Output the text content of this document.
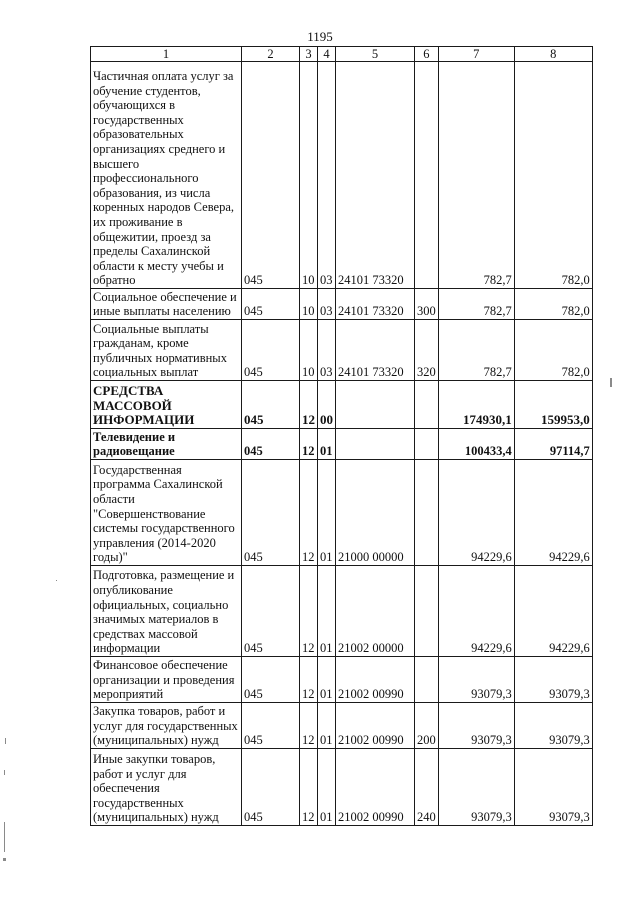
1195
1	2	3	4	5	6	7	8
Частичная оплата услуг за обучение студентов, обучающихся в государственных образовательных организациях среднего и высшего профессионального образования, из числа коренных народов Севера, их проживание в общежитии, проезд за пределы Сахалинской области к месту учебы и обратно	045	10	03	24101 73320		782,7	782,0
Социальное обеспечение и иные выплаты населению	045	10	03	24101 73320	300	782,7	782,0
Социальные выплаты гражданам, кроме публичных нормативных социальных выплат	045	10	03	24101 73320	320	782,7	782,0
СРЕДСТВА МАССОВОЙ ИНФОРМАЦИИ	045	12	00			174930,1	159953,0
Телевидение и радиовещание	045	12	01			100433,4	97114,7
Государственная программа Сахалинской области "Совершенствование системы государственного управления (2014-2020 годы)"	045	12	01	21000 00000		94229,6	94229,6
Подготовка, размещение и опубликование официальных, социально значимых материалов в средствах массовой информации	045	12	01	21002 00000		94229,6	94229,6
Финансовое обеспечение организации и проведения мероприятий	045	12	01	21002 00990		93079,3	93079,3
Закупка товаров, работ и услуг для государственных (муниципальных) нужд	045	12	01	21002 00990	200	93079,3	93079,3
Иные закупки товаров, работ и услуг для обеспечения государственных (муниципальных) нужд	045	12	01	21002 00990	240	93079,3	93079,3
